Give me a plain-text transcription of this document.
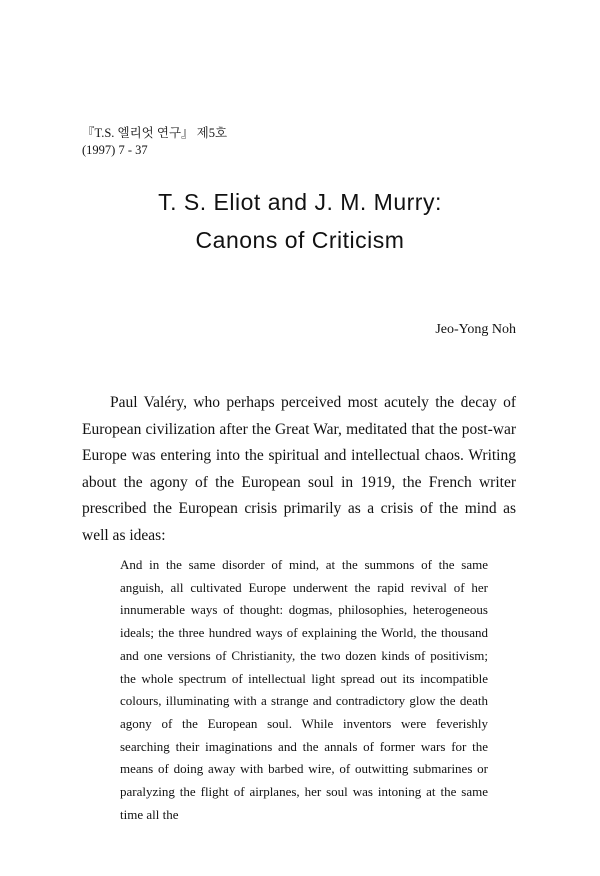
『T.S. 엘리엇 연구』 제5호
(1997) 7 - 37
T. S. Eliot and J. M. Murry:
Canons of Criticism
Jeo-Yong Noh

Paul Valéry, who perhaps perceived most acutely the decay of European civilization after the Great War, meditated that the post-war Europe was entering into the spiritual and intellectual chaos. Writing about the agony of the European soul in 1919, the French writer prescribed the European crisis primarily as a crisis of the mind as well as ideas:

And in the same disorder of mind, at the summons of the same anguish, all cultivated Europe underwent the rapid revival of her innumerable ways of thought: dogmas, philosophies, heterogeneous ideals; the three hundred ways of explaining the World, the thousand and one versions of Christianity, the two dozen kinds of positivism; the whole spectrum of intellectual light spread out its incompatible colours, illuminating with a strange and contradictory glow the death agony of the European soul. While inventors were feverishly searching their imaginations and the annals of former wars for the means of doing away with barbed wire, of outwitting submarines or paralyzing the flight of airplanes, her soul was intoning at the same time all the
